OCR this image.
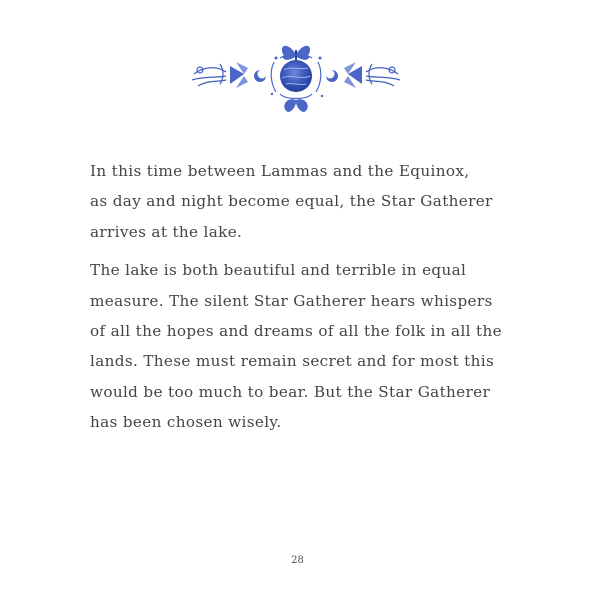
In this time between Lammas and the Equinox,
as day and night become equal, the Star Gatherer
arrives at the lake.

The lake is both beautiful and terrible in equal
measure. The silent Star Gatherer hears whispers
of all the hopes and dreams of all the folk in all the
lands. These must remain secret and for most this
would be too much to bear. But the Star Gatherer
has been chosen wisely.

28
